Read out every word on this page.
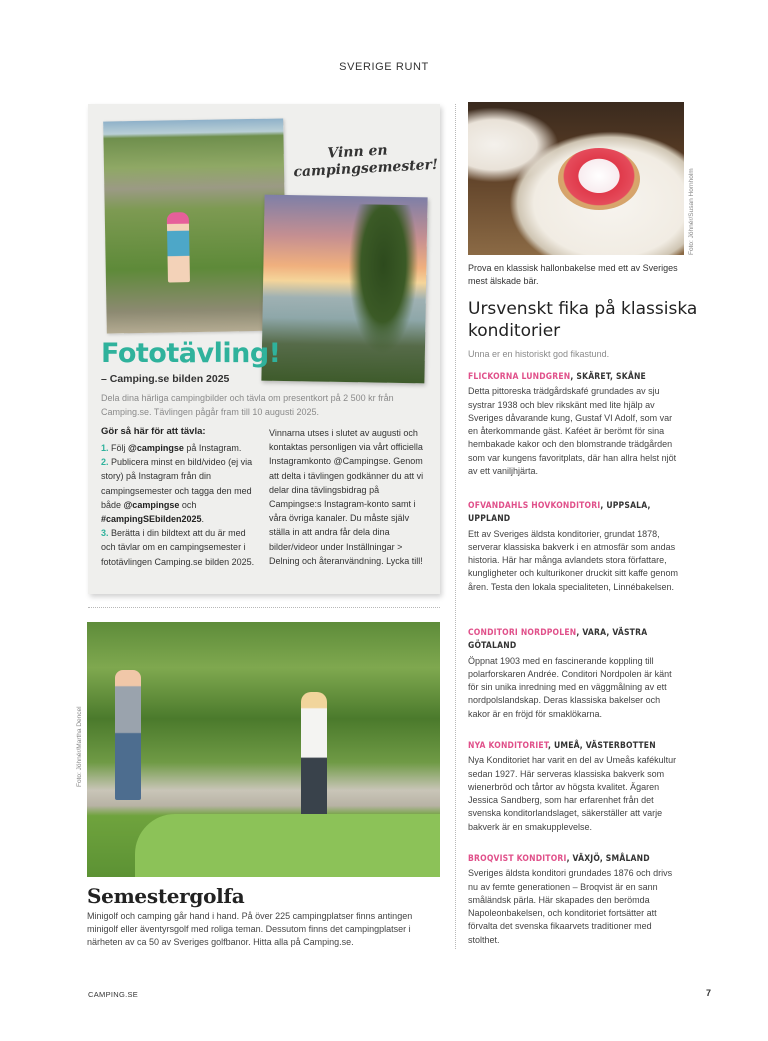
SVERIGE RUNT
Vinn en campingsemester!
Fototävling!
– Camping.se bilden 2025
Dela dina härliga campingbilder och tävla om presentkort på 2 500 kr från Camping.se. Tävlingen pågår fram till 10 augusti 2025.
Gör så här för att tävla:
1. Följ @campingse på Instagram.
2. Publicera minst en bild/video (ej via story) på Instagram från din campingsemester och tagga den med både @campingse och #campingSEbilden2025.
3. Berätta i din bildtext att du är med och tävlar om en campingsemester i fototävlingen Camping.se bilden 2025.
Vinnarna utses i slutet av augusti och kontaktas personligen via vårt officiella Instagramkonto @Campingse. Genom att delta i tävlingen godkänner du att vi delar dina tävlingsbidrag på Campingse:s Instagram-konto samt i våra övriga kanaler. Du måste själv ställa in att andra får dela dina bilder/videor under Inställningar > Delning och återanvändning. Lycka till!
Foto: Jöhnér/Martha Dencel
Semestergolfa
Minigolf och camping går hand i hand. På över 225 campingplatser finns antingen minigolf eller äventyrsgolf med roliga teman. Dessutom finns det campingplatser i närheten av ca 50 av Sveriges golfbanor. Hitta alla på Camping.se.
Foto: Jöhnér/Susan Hornholm
Prova en klassisk hallonbakelse med ett av Sveriges mest älskade bär.
Ursvenskt fika på klassiska konditorier
Unna er en historiskt god fikastund.
FLICKORNA LUNDGREN, SKÄRET, SKÅNE

Detta pittoreska trädgårdskafé grundades av sju systrar 1938 och blev rikskänt med lite hjälp av Sveriges dåvarande kung, Gustaf VI Adolf, som var en återkommande gäst. Kaféet är berömt för sina hembakade kakor och den blomstrande trädgården som var kungens favoritplats, där han allra helst njöt av ett vaniljhjärta.

OFVANDAHLS HOVKONDITORI, UPPSALA, UPPLAND

Ett av Sveriges äldsta konditorier, grundat 1878, serverar klassiska bakverk i en atmosfär som andas historia. Här har många avlandets stora författare, kungligheter och kulturikoner druckit sitt kaffe genom åren. Testa den lokala specialiteten, Linnébakelsen.

CONDITORI NORDPOLEN, VARA, VÄSTRA GÖTALAND

Öppnat 1903 med en fascinerande koppling till polarforskaren Andrée. Conditori Nordpolen är känt för sin unika inredning med en väggmålning av ett nordpolslandskap. Deras klassiska bakelser och kakor är en fröjd för smaklökarna.

NYA KONDITORIET, UMEÅ, VÄSTERBOTTEN

Nya Konditoriet har varit en del av Umeås kafékultur sedan 1927. Här serveras klassiska bakverk som wienerbröd och tårtor av högsta kvalitet. Ägaren Jessica Sandberg, som har erfarenhet från det svenska konditorlandslaget, säkerställer att varje bakverk är en smakupplevelse.

BROQVIST KONDITORI, VÄXJÖ, SMÅLAND

Sveriges äldsta konditori grundades 1876 och drivs nu av femte generationen – Broqvist är en sann småländsk pärla. Här skapades den berömda Napoleonbakelsen, och konditoriet fortsätter att förvalta det svenska fikaarvets traditioner med stolthet.

CAMPING.SE	7
